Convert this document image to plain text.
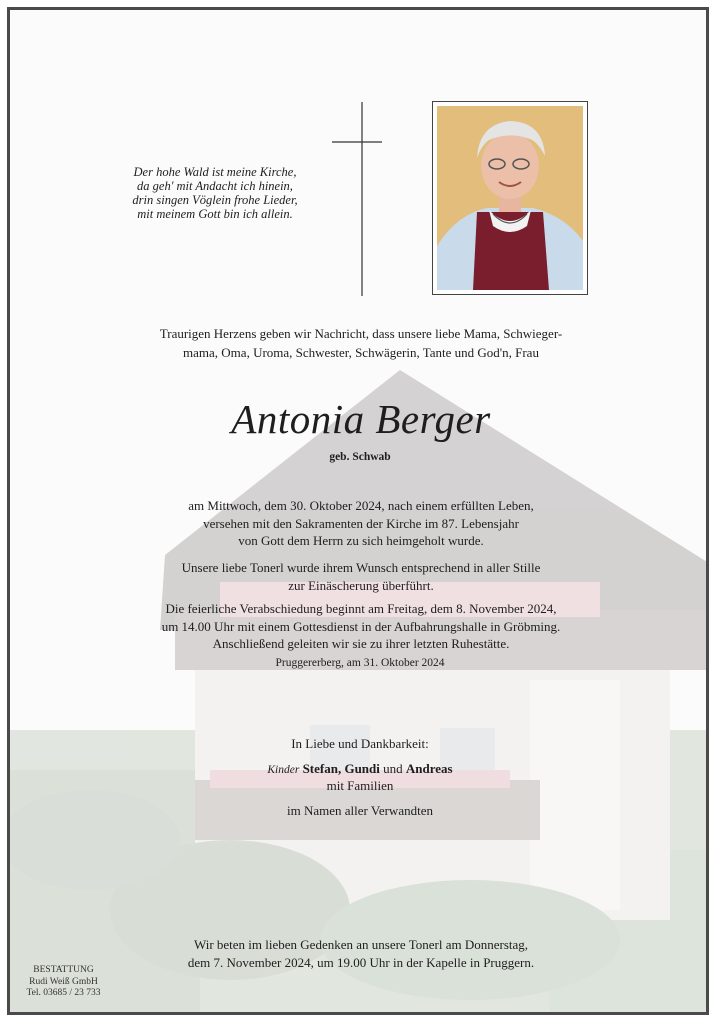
Der hohe Wald ist meine Kirche,
da geh' mit Andacht ich hinein,
drin singen Vöglein frohe Lieder,
mit meinem Gott bin ich allein.
Traurigen Herzens geben wir Nachricht, dass unsere liebe Mama, Schwieger-
mama, Oma, Uroma, Schwester, Schwägerin, Tante und God'n, Frau
Antonia Berger
geb. Schwab
am Mittwoch, dem 30. Oktober 2024, nach einem erfüllten Leben,
versehen mit den Sakramenten der Kirche im 87. Lebensjahr
von Gott dem Herrn zu sich heimgeholt wurde.
Unsere liebe Tonerl wurde ihrem Wunsch entsprechend in aller Stille
zur Einäscherung überführt.
Die feierliche Verabschiedung beginnt am Freitag, dem 8. November 2024,
um 14.00 Uhr mit einem Gottesdienst in der Aufbahrungshalle in Gröbming.
Anschließend geleiten wir sie zu ihrer letzten Ruhestätte.
Pruggererberg, am 31. Oktober 2024
In Liebe und Dankbarkeit:
Kinder Stefan, Gundi und Andreas
mit Familien
im Namen aller Verwandten
Wir beten im lieben Gedenken an unsere Tonerl am Donnerstag,
dem 7. November 2024, um 19.00 Uhr in der Kapelle in Pruggern.
BESTATTUNG
Rudi Weiß GmbH
Tel. 03685 / 23 733
